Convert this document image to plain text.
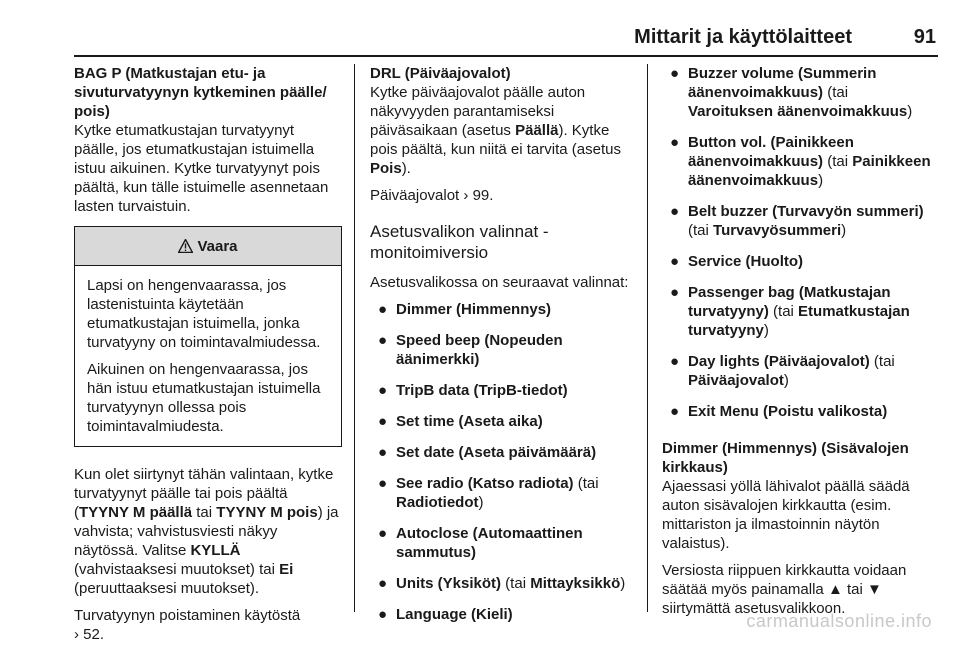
Mittarit ja käyttölaitteet	91

BAG P (Matkustajan etu- ja sivuturvatyynyn kytkeminen päälle/ pois)

Kytke etumatkustajan turvatyynyt päälle, jos etumatkustajan istuimella istuu aikuinen. Kytke turvatyynyt pois päältä, kun tälle istuimelle asennetaan lasten turvaistuin.

Vaara

Lapsi on hengenvaarassa, jos lastenistuinta käytetään etumatkustajan istuimella, jonka turvatyyny on toimintavalmiudessa.

Aikuinen on hengenvaarassa, jos hän istuu etumatkustajan istuimella turvatyynyn ollessa pois toimintavalmiudesta.

Kun olet siirtynyt tähän valintaan, kytke turvatyynyt päälle tai pois päältä (TYYNY M päällä tai TYYNY M pois) ja vahvista; vahvistusviesti näkyy näytössä. Valitse KYLLÄ (vahvistaaksesi muutokset) tai Ei (peruuttaaksesi muutokset).

Turvatyynyn poistaminen käytöstä
› 52.

DRL (Päiväajovalot)

Kytke päiväajovalot päälle auton näkyvyyden parantamiseksi päiväsaikaan (asetus Päällä). Kytke pois päältä, kun niitä ei tarvita (asetus Pois).

Päiväajovalot › 99.

Asetusvalikon valinnat - monitoimiversio

Asetusvalikossa on seuraavat valinnat:

● Dimmer (Himmennys)
● Speed beep (Nopeuden äänimerkki)
● TripB data (TripB-tiedot)
● Set time (Aseta aika)
● Set date (Aseta päivämäärä)
● See radio (Katso radiota) (tai Radiotiedot)
● Autoclose (Automaattinen sammutus)
● Units (Yksiköt) (tai Mittayksikkö)
● Language (Kieli)
● Buzzer volume (Summerin äänenvoimakkuus) (tai Varoituksen äänenvoimakkuus)
● Button vol. (Painikkeen äänenvoimakkuus) (tai Painikkeen äänenvoimakkuus)
● Belt buzzer (Turvavyön summeri) (tai Turvavyösummeri)
● Service (Huolto)
● Passenger bag (Matkustajan turvatyyny) (tai Etumatkustajan turvatyyny)
● Day lights (Päiväajovalot) (tai Päiväajovalot)
● Exit Menu (Poistu valikosta)

Dimmer (Himmennys) (Sisävalojen kirkkaus)

Ajaessasi yöllä lähivalot päällä säädä auton sisävalojen kirkkautta (esim. mittariston ja ilmastoinnin näytön valaistus).

Versiosta riippuen kirkkautta voidaan säätää myös painamalla ▲ tai ▼ siirtymättä asetusvalikkoon.

carmanualsonline.info
